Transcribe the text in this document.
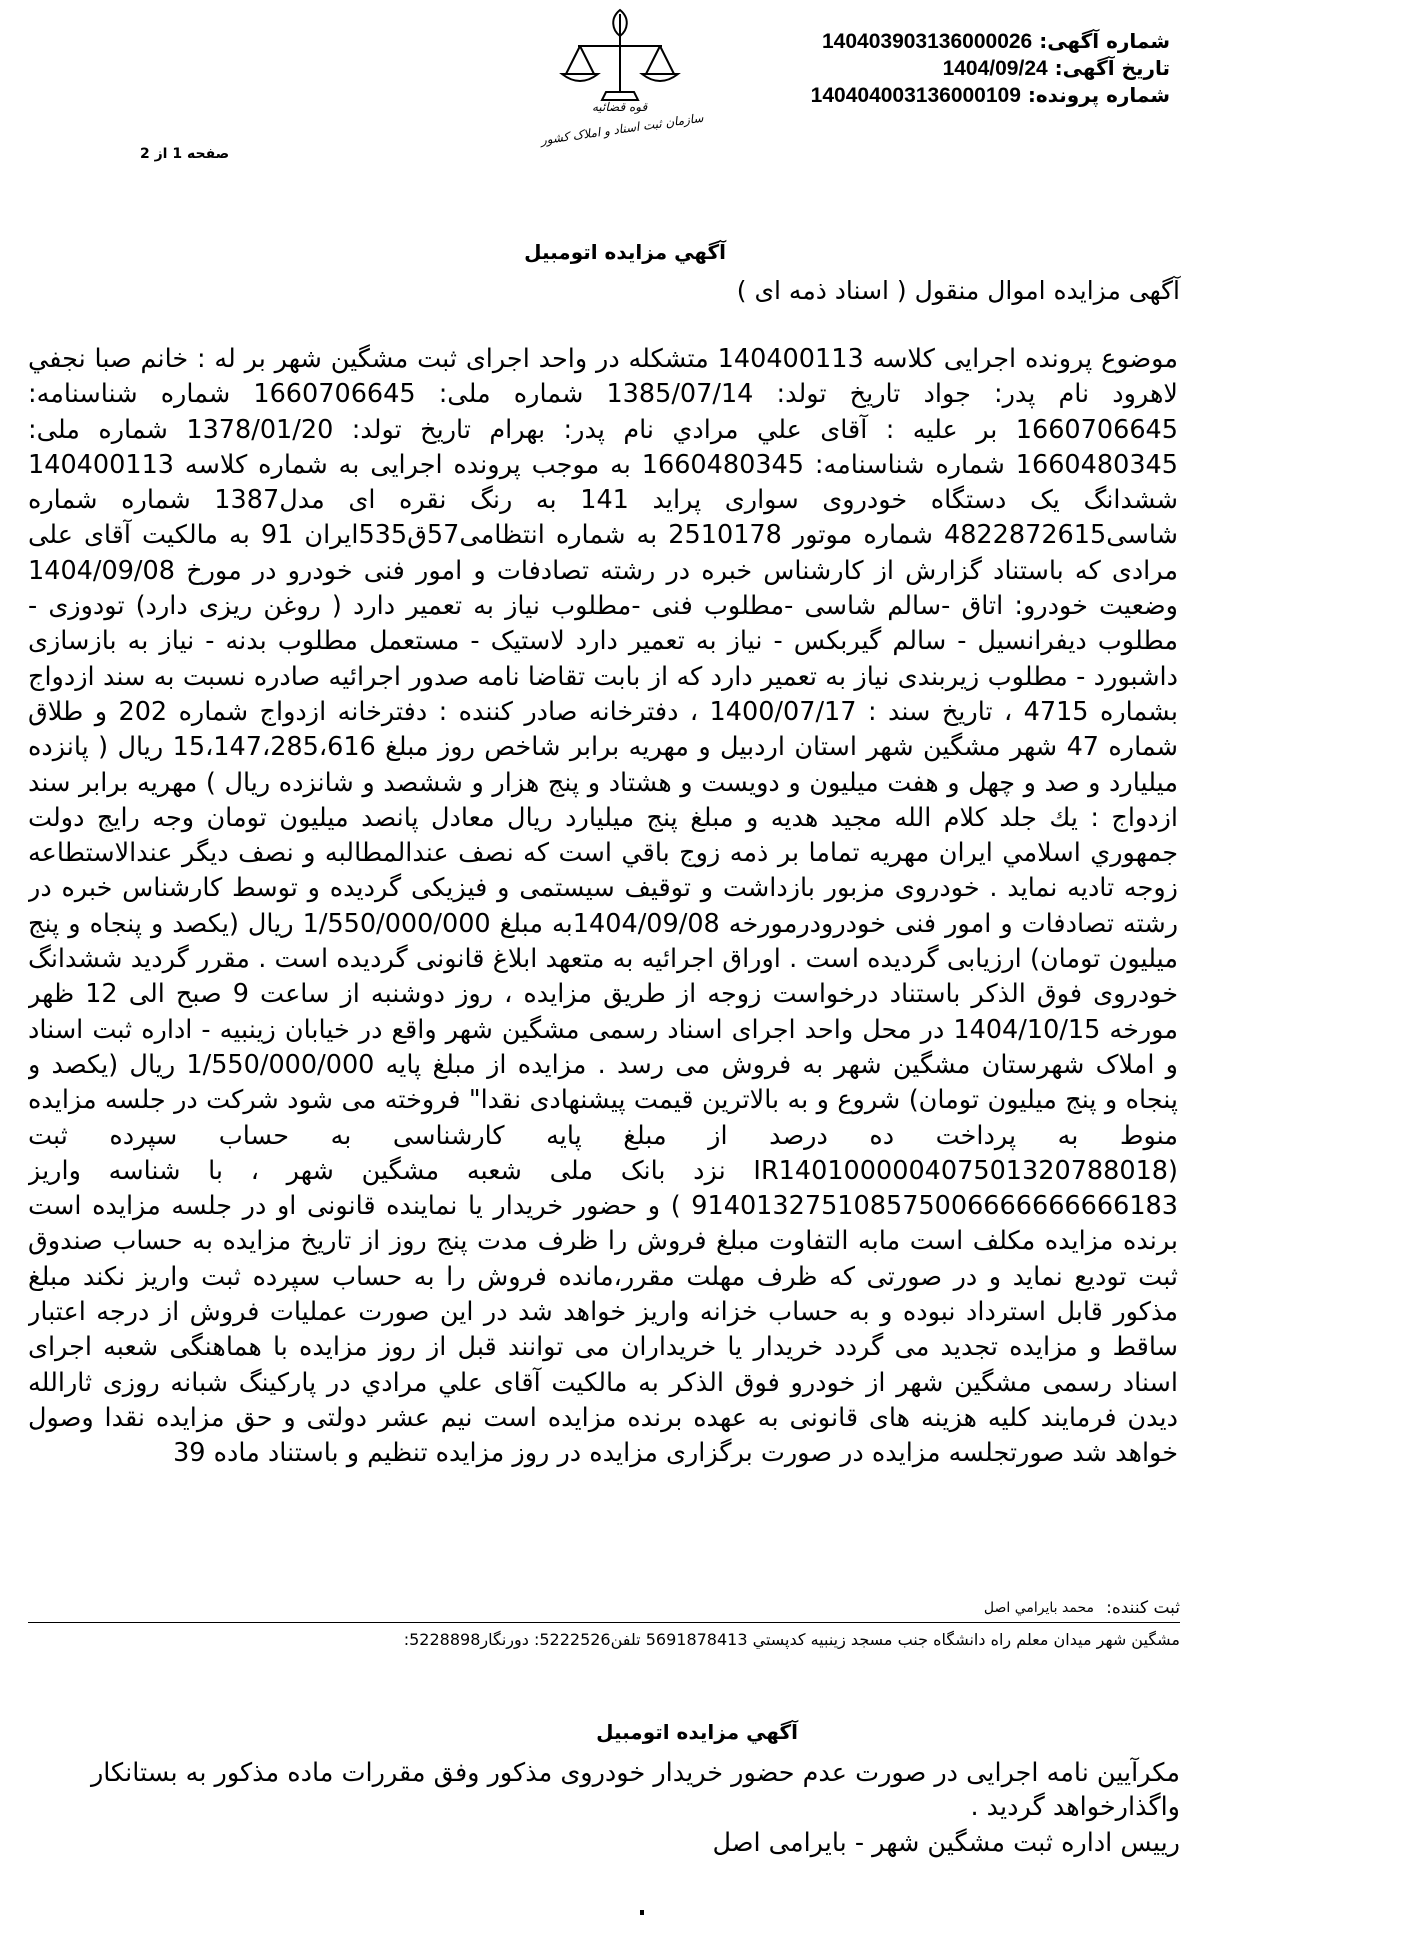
قوه قضائیه
سازمان ثبت اسناد و املاک کشور
شماره آگهی: 140403903136000026
تاریخ آگهی: 1404/09/24
شماره پرونده: 140404003136000109
صفحه 1 از 2
آگهي مزايده اتومبيل
آگهی مزایده اموال منقول ( اسناد ذمه ای )

موضوع پرونده اجرایی کلاسه 140400113 متشکله در واحد اجرای ثبت مشگین شهر بر له : خانم صبا نجفي لاهرود نام پدر: جواد تاریخ تولد: 1385/07/14 شماره ملی: 1660706645 شماره شناسنامه: 1660706645 بر علیه : آقای علي مرادي نام پدر: بهرام تاریخ تولد: 1378/01/20 شماره ملی: 1660480345 شماره شناسنامه: 1660480345 به موجب پرونده اجرایی به شماره کلاسه 140400113 ششدانگ یک دستگاه خودروی سواری پراید 141 به رنگ نقره ای مدل1387 شماره شماره شاسی4822872615 شماره موتور 2510178 به شماره انتظامی57ق535ایران 91 به مالکیت آقای علی مرادی که باستناد گزارش از کارشناس خبره در رشته تصادفات و امور فنی خودرو در مورخ 1404/09/08 وضعیت خودرو: اتاق -سالم شاسی -مطلوب فنی -مطلوب نیاز به تعمیر دارد ( روغن ریزی دارد) تودوزی - مطلوب دیفرانسیل - سالم گیربکس - نیاز به تعمیر دارد لاستیک - مستعمل مطلوب بدنه - نیاز به بازسازی داشبورد - مطلوب زیربندی نیاز به تعمیر دارد که از بابت تقاضا نامه صدور اجرائیه صادره نسبت به سند ازدواج بشماره 4715 ، تاریخ سند : 1400/07/17 ، دفترخانه صادر کننده : دفترخانه ازدواج شماره 202 و طلاق شماره 47 شهر مشگین شهر استان اردبیل و مهریه برابر شاخص روز مبلغ 15،147،285،616 ریال ( پانزده میلیارد و صد و چهل و هفت میلیون و دویست و هشتاد و پنج هزار و ششصد و شانزده ریال ) مهریه برابر سند ازدواج : يك جلد كلام الله مجيد هديه و مبلغ پنج ميليارد ريال معادل پانصد ميليون تومان وجه رايج دولت جمهوري اسلامي ايران مهريه تماما بر ذمه زوج باقي است كه نصف عندالمطالبه و نصف ديگر عندالاستطاعه زوجه تاديه نمايد . خودروی مزبور بازداشت و توقیف سیستمی و فیزیکی گردیده و توسط کارشناس خبره در رشته تصادفات و امور فنی خودرودرمورخه 1404/09/08به مبلغ 1/550/000/000 ریال (یکصد و پنجاه و پنج میلیون تومان) ارزیابی گردیده است . اوراق اجرائیه به متعهد ابلاغ قانونی گردیده است . مقرر گردید ششدانگ خودروی فوق الذکر باستناد درخواست زوجه از طریق مزایده ، روز دوشنبه از ساعت 9 صبح الی 12 ظهر مورخه 1404/10/15 در محل واحد اجرای اسناد رسمی مشگین شهر واقع در خیابان زینبیه - اداره ثبت اسناد و املاک شهرستان مشگین شهر به فروش می رسد . مزایده از مبلغ پایه 1/550/000/000 ریال (یکصد و پنجاه و پنج میلیون تومان) شروع و به بالاترین قیمت پیشنهادی نقدا" فروخته می شود شرکت در جلسه مزایده منوط به پرداخت ده درصد از مبلغ پایه کارشناسی به حساب سپرده ثبت (IR140100000407501320788018 نزد بانک ملی شعبه مشگین شهر ، با شناسه واریز 914013275108575006666666666183 ) و حضور خریدار یا نماینده قانونی او در جلسه مزایده است برنده مزایده مکلف است مابه التفاوت مبلغ فروش را ظرف مدت پنج روز از تاریخ مزایده به حساب صندوق ثبت تودیع نماید و در صورتی که ظرف مهلت مقرر،مانده فروش را به حساب سپرده ثبت واریز نکند مبلغ مذکور قابل استرداد نبوده و به حساب خزانه واریز خواهد شد در این صورت عملیات فروش از درجه اعتبار ساقط و مزایده تجدید می گردد خریدار یا خریداران می توانند قبل از روز مزایده با هماهنگی شعبه اجرای اسناد رسمی مشگین شهر از خودرو فوق الذکر به مالکیت آقای علي مرادي در پارکینگ شبانه روزی ثارالله دیدن فرمایند کلیه هزینه های قانونی به عهده برنده مزایده است نیم عشر دولتی و حق مزایده نقدا وصول خواهد شد صورتجلسه مزایده در صورت برگزاری مزایده در روز مزایده تنظیم و باستناد ماده 39

ثبت كننده:
محمد بايرامي اصل
مشگين شهر ميدان معلم راه دانشگاه جنب مسجد زينبيه كدپستي 5691878413 تلفن5222526: دورنگار5228898:
آگهي مزايده اتومبيل

مکرآیین نامه اجرایی در صورت عدم حضور خریدار خودروی مذکور وفق مقررات ماده مذکور به بستانکار واگذارخواهد گردید .

رییس اداره ثبت مشگین شهر - بایرامی اصل
